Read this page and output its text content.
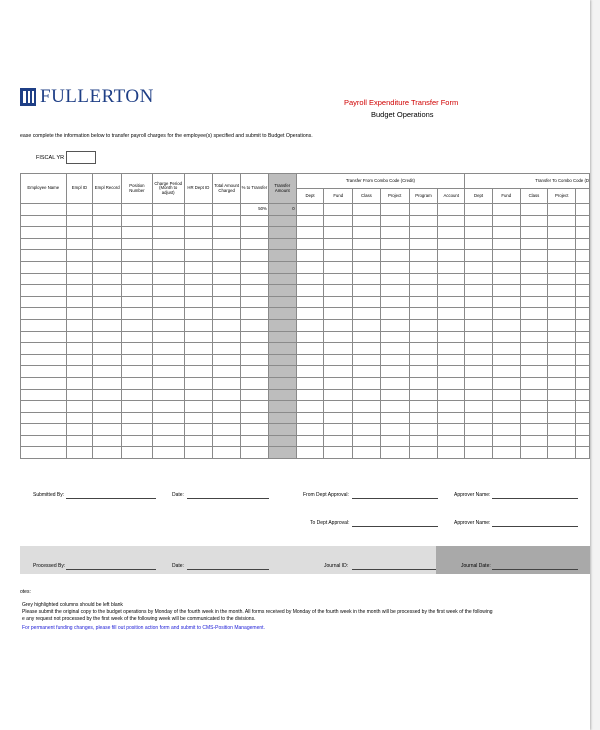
FULLERTON	Payroll Expenditure Transfer Form
Budget Operations
ease complete the information below to transfer payroll charges for the employee(s) specified and submit to Budget Operations.
FISCAL YR
Employee Name	Empl ID	Empl Record	Position Number	Charge Period (Month to adjust)	HR Dept ID	Total Amount Charged	% to Transfer	Transfer Amount	Transfer From Combo Code (Credit)						Transfer To Combo Code (D				
									Dept	Fund	Class	Project	Program	Account	Dept	Fund	Class	Project	
							50%	0											

Submitted By:	Date:	From Dept Approval:	Approver Name:
To Dept Approval:	Approver Name:
Processed By:	Date:	Journal ID:	Journal Date:
otes:
Grey highlighted columns should be left blank
Please submit the original copy to the budget operations by Monday of the fourth week in the month. All forms received by Monday of the fourth week in the month will be processed by the first week of the following
e any request not processed by the first week of the following week will be communicated to the divisions.
For permanent funding changes, please fill out position action form and submit to CMS-Position Management.
